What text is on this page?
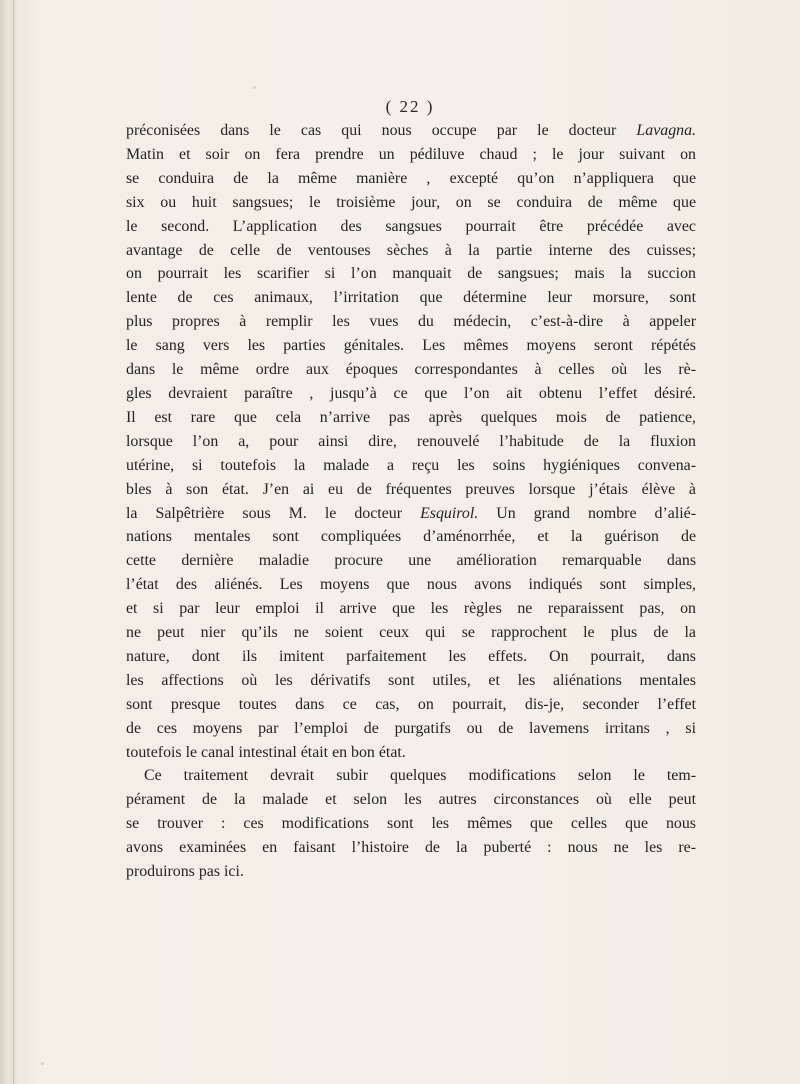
( 22 )

préconisées dans le cas qui nous occupe par le docteur Lavagna.
Matin et soir on fera prendre un pédiluve chaud ; le jour suivant on
se conduira de la même manière , excepté qu’on n’appliquera que
six ou huit sangsues; le troisième jour, on se conduira de même que
le second. L’application des sangsues pourrait être précédée avec
avantage de celle de ventouses sèches à la partie interne des cuisses;
on pourrait les scarifier si l’on manquait de sangsues; mais la succion
lente de ces animaux, l’irritation que détermine leur morsure, sont
plus propres à remplir les vues du médecin, c’est-à-dire à appeler
le sang vers les parties génitales. Les mêmes moyens seront répétés
dans le même ordre aux époques correspondantes à celles où les rè-
gles devraient paraître , jusqu’à ce que l’on ait obtenu l’effet désiré.
Il est rare que cela n’arrive pas après quelques mois de patience,
lorsque l’on a, pour ainsi dire, renouvelé l’habitude de la fluxion
utérine, si toutefois la malade a reçu les soins hygiéniques convena-
bles à son état. J’en ai eu de fréquentes preuves lorsque j’étais élève à
la Salpêtrière sous M. le docteur Esquirol. Un grand nombre d’alié-
nations mentales sont compliquées d’aménorrhée, et la guérison de
cette dernière maladie procure une amélioration remarquable dans
l’état des aliénés. Les moyens que nous avons indiqués sont simples,
et si par leur emploi il arrive que les règles ne reparaissent pas, on
ne peut nier qu’ils ne soient ceux qui se rapprochent le plus de la
nature, dont ils imitent parfaitement les effets. On pourrait, dans
les affections où les dérivatifs sont utiles, et les aliénations mentales
sont presque toutes dans ce cas, on pourrait, dis-je, seconder l’effet
de ces moyens par l’emploi de purgatifs ou de lavemens irritans , si
toutefois le canal intestinal était en bon état.
Ce traitement devrait subir quelques modifications selon le tem-
pérament de la malade et selon les autres circonstances où elle peut
se trouver : ces modifications sont les mêmes que celles que nous
avons examinées en faisant l’histoire de la puberté : nous ne les re-
produirons pas ici.
